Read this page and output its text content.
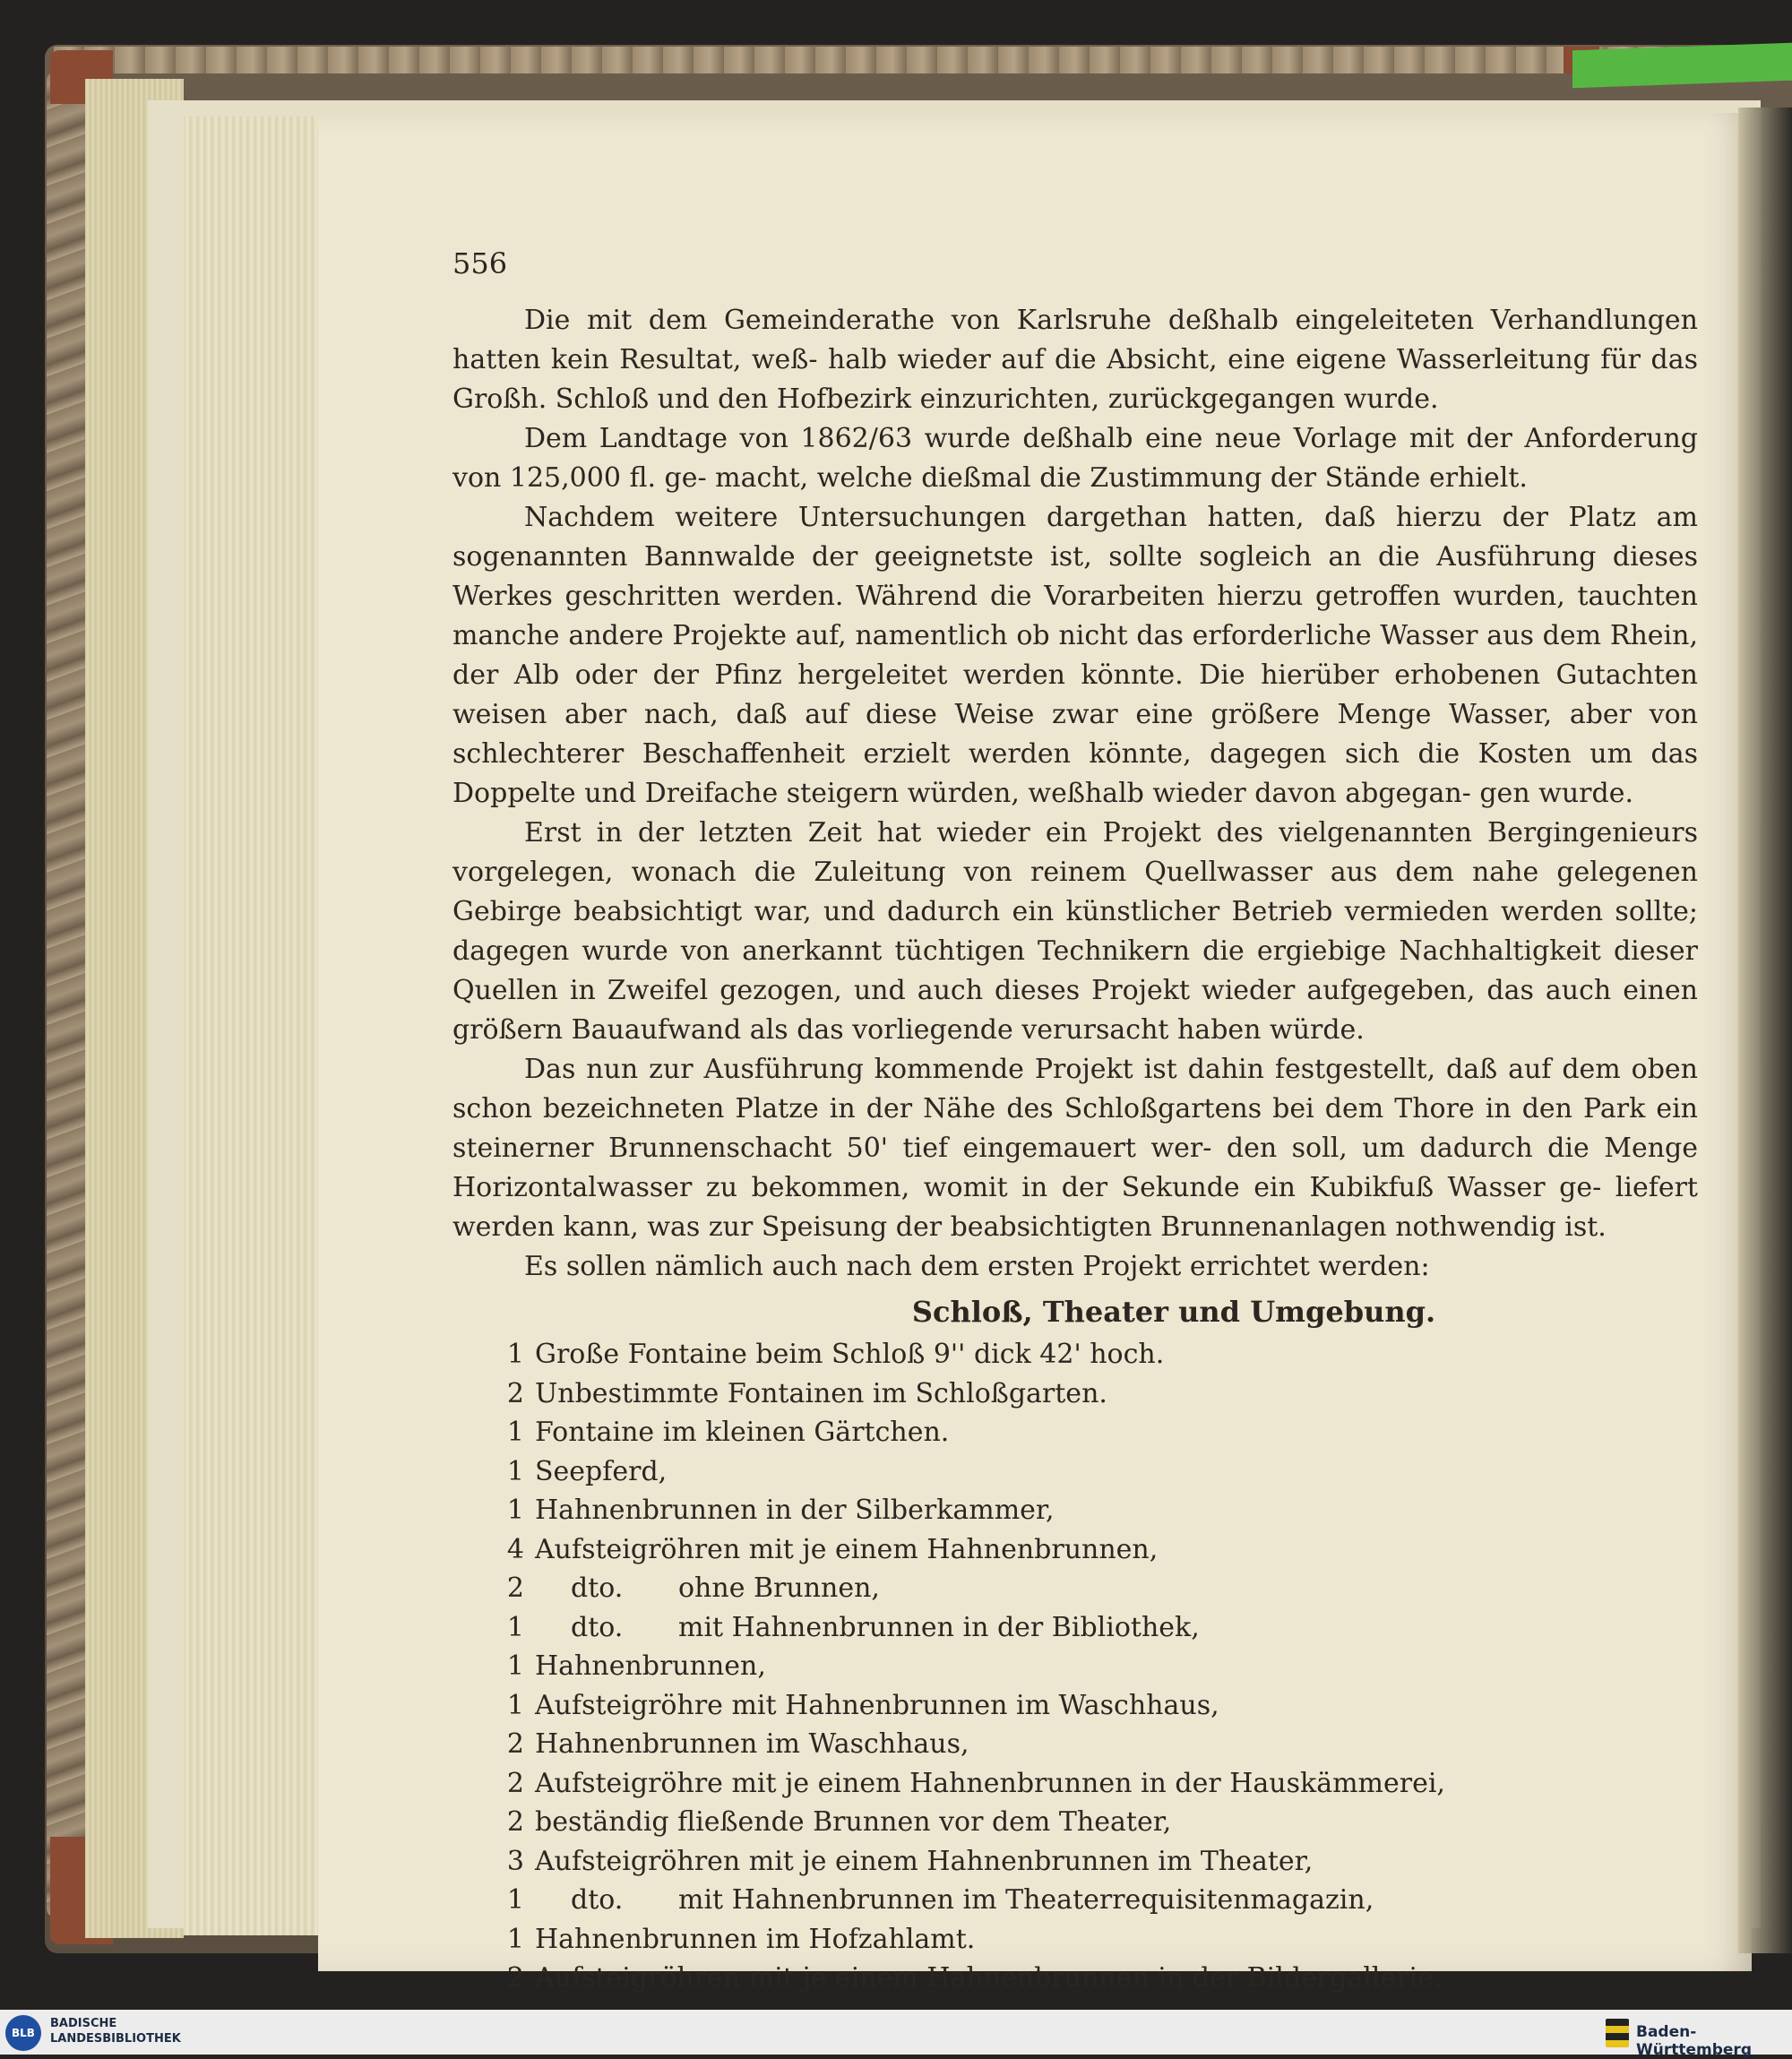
556

Die mit dem Gemeinderathe von Karlsruhe deßhalb eingeleiteten Verhandlungen hatten kein Resultat, weß- halb wieder auf die Absicht, eine eigene Wasserleitung für das Großh. Schloß und den Hofbezirk einzurichten, zurückgegangen wurde.

Dem Landtage von 1862/63 wurde deßhalb eine neue Vorlage mit der Anforderung von 125,000 fl. ge- macht, welche dießmal die Zustimmung der Stände erhielt.

Nachdem weitere Untersuchungen dargethan hatten, daß hierzu der Platz am sogenannten Bannwalde der geeignetste ist, sollte sogleich an die Ausführung dieses Werkes geschritten werden. Während die Vorarbeiten hierzu getroffen wurden, tauchten manche andere Projekte auf, namentlich ob nicht das erforderliche Wasser aus dem Rhein, der Alb oder der Pfinz hergeleitet werden könnte. Die hierüber erhobenen Gutachten weisen aber nach, daß auf diese Weise zwar eine größere Menge Wasser, aber von schlechterer Beschaffenheit erzielt werden könnte, dagegen sich die Kosten um das Doppelte und Dreifache steigern würden, weßhalb wieder davon abgegan- gen wurde.

Erst in der letzten Zeit hat wieder ein Projekt des vielgenannten Bergingenieurs vorgelegen, wonach die Zuleitung von reinem Quellwasser aus dem nahe gelegenen Gebirge beabsichtigt war, und dadurch ein künstlicher Betrieb vermieden werden sollte; dagegen wurde von anerkannt tüchtigen Technikern die ergiebige Nachhaltigkeit dieser Quellen in Zweifel gezogen, und auch dieses Projekt wieder aufgegeben, das auch einen größern Bauaufwand als das vorliegende verursacht haben würde.

Das nun zur Ausführung kommende Projekt ist dahin festgestellt, daß auf dem oben schon bezeichneten Platze in der Nähe des Schloßgartens bei dem Thore in den Park ein steinerner Brunnenschacht 50' tief eingemauert wer- den soll, um dadurch die Menge Horizontalwasser zu bekommen, womit in der Sekunde ein Kubikfuß Wasser ge- liefert werden kann, was zur Speisung der beabsichtigten Brunnenanlagen nothwendig ist.

Es sollen nämlich auch nach dem ersten Projekt errichtet werden:

Schloß, Theater und Umgebung.
1 Große Fontaine beim Schloß 9'' dick 42' hoch.
2 Unbestimmte Fontainen im Schloßgarten.
1 Fontaine im kleinen Gärtchen.
1 Seepferd,
1 Hahnenbrunnen in der Silberkammer,
4 Aufsteigröhren mit je einem Hahnenbrunnen,
2	dto. ohne Brunnen,
1	dto. mit Hahnenbrunnen in der Bibliothek,
1 Hahnenbrunnen,
1 Aufsteigröhre mit Hahnenbrunnen im Waschhaus,
2 Hahnenbrunnen im Waschhaus,
2 Aufsteigröhre mit je einem Hahnenbrunnen in der Hauskämmerei,
2 beständig fließende Brunnen vor dem Theater,
3 Aufsteigröhren mit je einem Hahnenbrunnen im Theater,
1	dto. mit Hahnenbrunnen im Theaterrequisitenmagazin,
1 Hahnenbrunnen im Hofzahlamt.
2 Aufsteigröhren mit je einem Hahnenbrunnen in der Bildergallerie.
BLB
BADISCHE
LANDESBIBLIOTHEK	Baden-Württemberg
